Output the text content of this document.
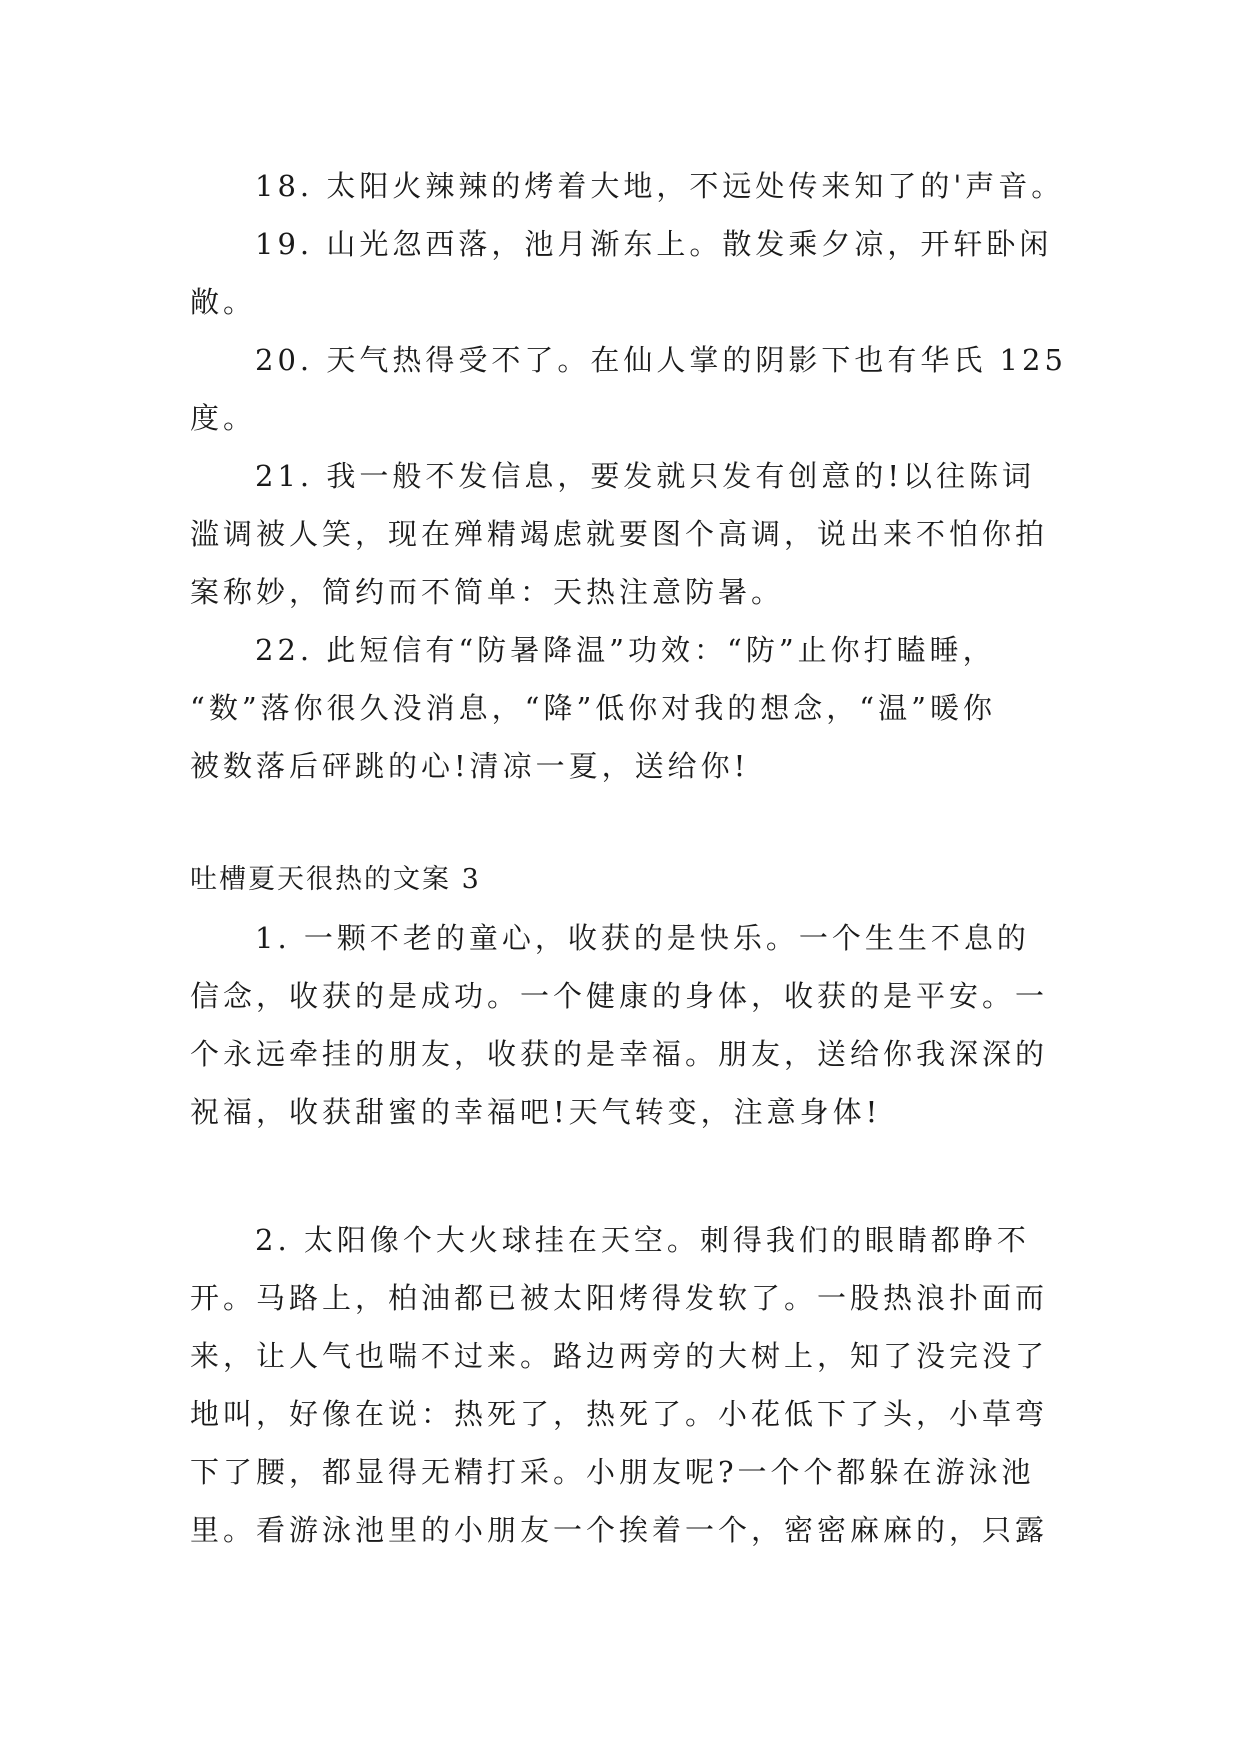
18. 太阳火辣辣的烤着大地，不远处传来知了的'声音。
19. 山光忽西落，池月渐东上。散发乘夕凉，开轩卧闲
敞。
20. 天气热得受不了。在仙人掌的阴影下也有华氏 125
度。
21. 我一般不发信息，要发就只发有创意的!以往陈词
滥调被人笑，现在殚精竭虑就要图个高调，说出来不怕你拍
案称妙，简约而不简单：天热注意防暑。
22. 此短信有“防暑降温”功效：“防”止你打瞌睡，
“数”落你很久没消息，“降”低你对我的想念，“温”暖你
被数落后砰跳的心!清凉一夏，送给你!
吐槽夏天很热的文案 3
1. 一颗不老的童心，收获的是快乐。一个生生不息的
信念，收获的是成功。一个健康的身体，收获的是平安。一
个永远牵挂的朋友，收获的是幸福。朋友，送给你我深深的
祝福，收获甜蜜的幸福吧!天气转变，注意身体!
2. 太阳像个大火球挂在天空。刺得我们的眼睛都睁不
开。马路上，柏油都已被太阳烤得发软了。一股热浪扑面而
来，让人气也喘不过来。路边两旁的大树上，知了没完没了
地叫，好像在说：热死了，热死了。小花低下了头，小草弯
下了腰，都显得无精打采。小朋友呢?一个个都躲在游泳池
里。看游泳池里的小朋友一个挨着一个，密密麻麻的，只露
